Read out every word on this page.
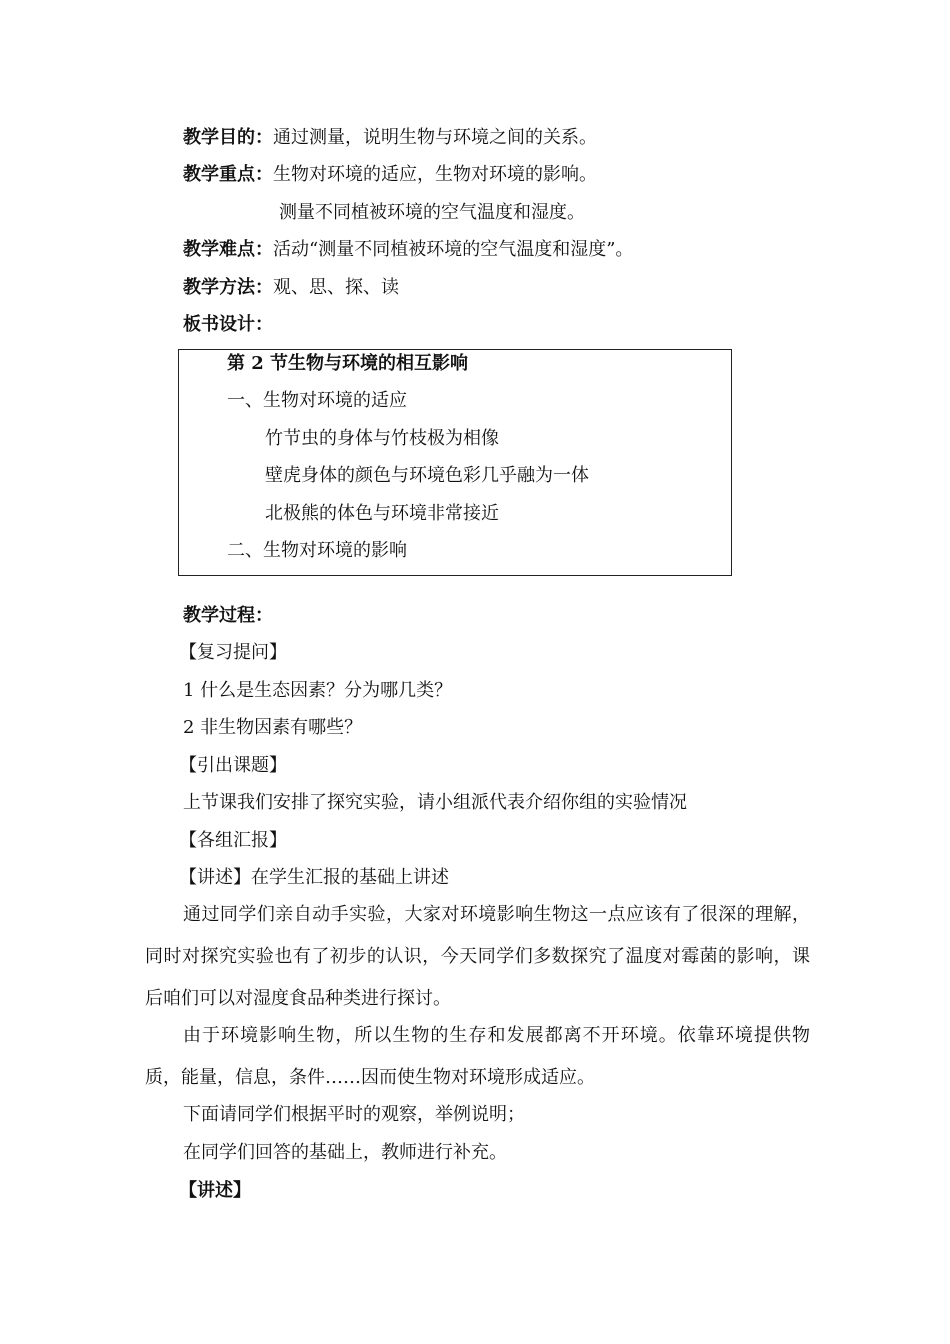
教学目的：通过测量，说明生物与环境之间的关系。
教学重点：生物对环境的适应，生物对环境的影响。
测量不同植被环境的空气温度和湿度。
教学难点：活动“测量不同植被环境的空气温度和湿度”。
教学方法：观、思、探、读
板书设计：
第 2 节生物与环境的相互影响
一、生物对环境的适应
竹节虫的身体与竹枝极为相像
壁虎身体的颜色与环境色彩几乎融为一体
北极熊的体色与环境非常接近
二、生物对环境的影响
教学过程：
【复习提问】
1 什么是生态因素？分为哪几类？
2 非生物因素有哪些？
【引出课题】
上节课我们安排了探究实验，请小组派代表介绍你组的实验情况
【各组汇报】
【讲述】在学生汇报的基础上讲述
通过同学们亲自动手实验，大家对环境影响生物这一点应该有了很深的理解，同时对探究实验也有了初步的认识，今天同学们多数探究了温度对霉菌的影响，课后咱们可以对湿度食品种类进行探讨。
由于环境影响生物，所以生物的生存和发展都离不开环境。依靠环境提供物质，能量，信息，条件……因而使生物对环境形成适应。
下面请同学们根据平时的观察，举例说明；
在同学们回答的基础上，教师进行补充。
【讲述】
